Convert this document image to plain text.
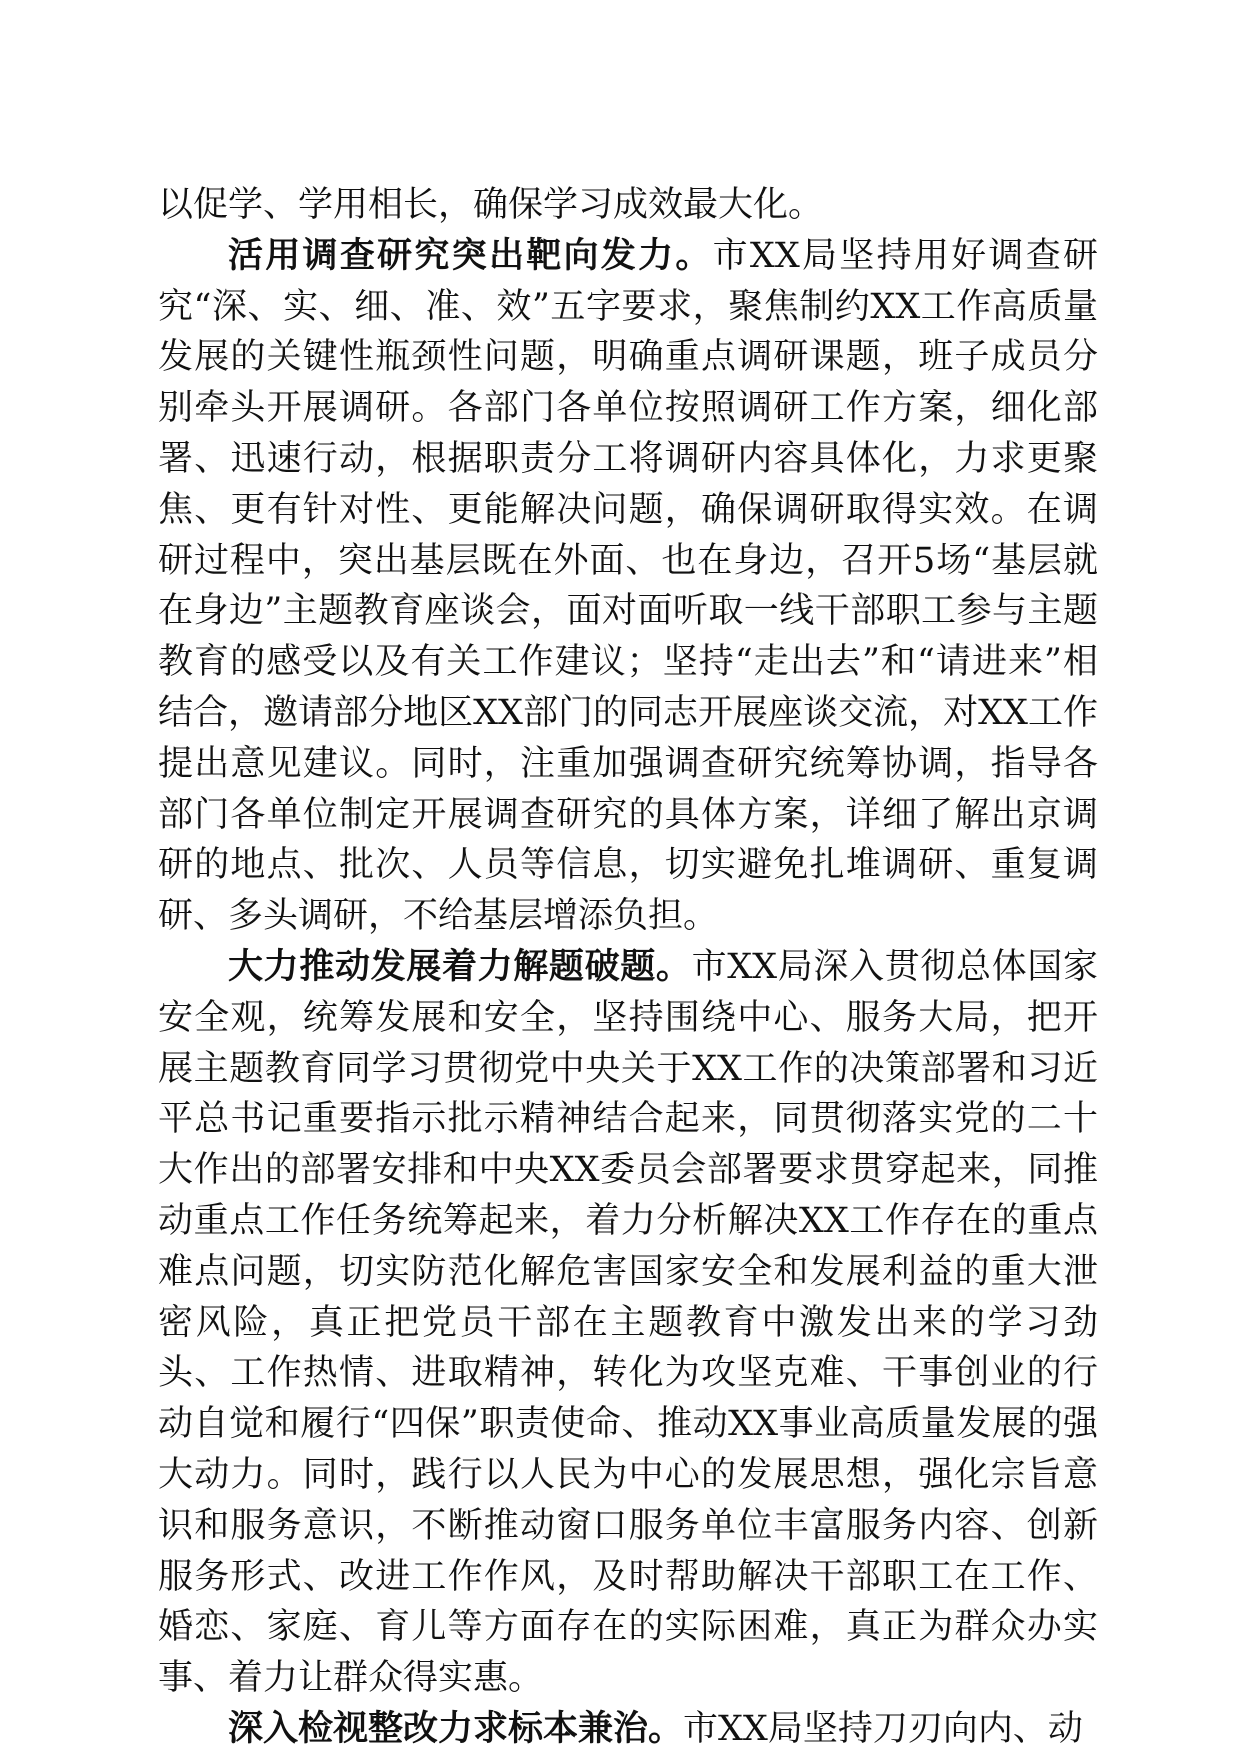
以促学、学用相长，确保学习成效最大化。

活用调查研究突出靶向发力。市XX局坚持用好调查研究“深、实、细、准、效”五字要求，聚焦制约XX工作高质量发展的关键性瓶颈性问题，明确重点调研课题，班子成员分别牵头开展调研。各部门各单位按照调研工作方案，细化部署、迅速行动，根据职责分工将调研内容具体化，力求更聚焦、更有针对性、更能解决问题，确保调研取得实效。在调研过程中，突出基层既在外面、也在身边，召开5场“基层就在身边”主题教育座谈会，面对面听取一线干部职工参与主题教育的感受以及有关工作建议；坚持“走出去”和“请进来”相结合，邀请部分地区XX部门的同志开展座谈交流，对XX工作提出意见建议。同时，注重加强调查研究统筹协调，指导各部门各单位制定开展调查研究的具体方案，详细了解出京调研的地点、批次、人员等信息，切实避免扎堆调研、重复调研、多头调研，不给基层增添负担。

大力推动发展着力解题破题。市XX局深入贯彻总体国家安全观，统筹发展和安全，坚持围绕中心、服务大局，把开展主题教育同学习贯彻党中央关于XX工作的决策部署和习近平总书记重要指示批示精神结合起来，同贯彻落实党的二十大作出的部署安排和中央XX委员会部署要求贯穿起来，同推动重点工作任务统筹起来，着力分析解决XX工作存在的重点难点问题，切实防范化解危害国家安全和发展利益的重大泄密风险，真正把党员干部在主题教育中激发出来的学习劲头、工作热情、进取精神，转化为攻坚克难、干事创业的行动自觉和履行“四保”职责使命、推动XX事业高质量发展的强大动力。同时，践行以人民为中心的发展思想，强化宗旨意识和服务意识，不断推动窗口服务单位丰富服务内容、创新服务形式、改进工作作风，及时帮助解决干部职工在工作、婚恋、家庭、育儿等方面存在的实际困难，真正为群众办实事、着力让群众得实惠。

深入检视整改力求标本兼治。市XX局坚持刀刃向内、动
